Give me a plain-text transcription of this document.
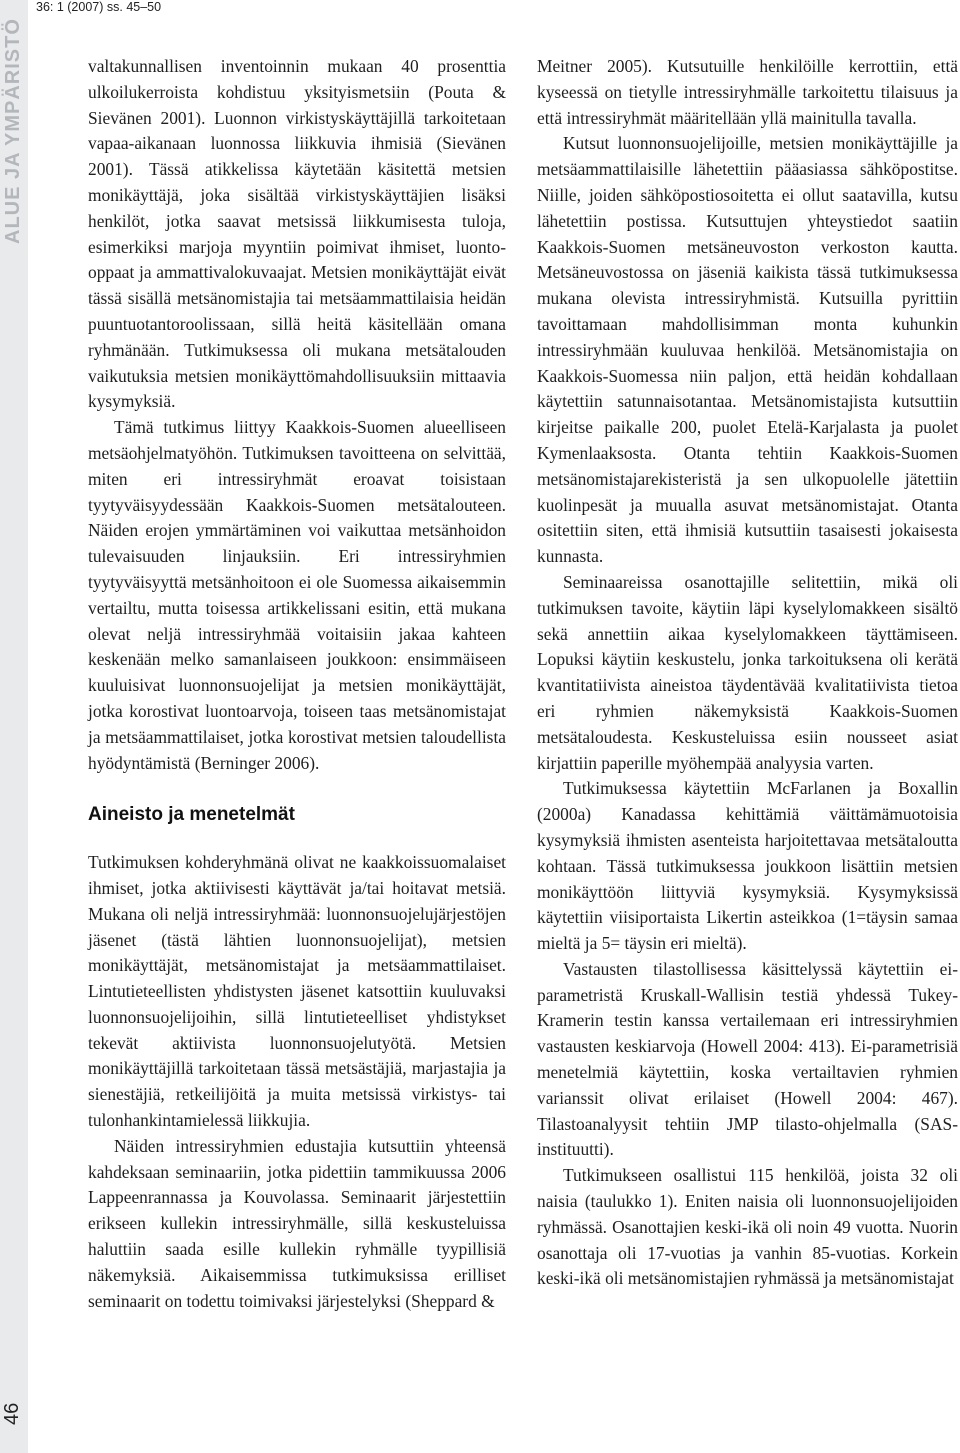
ALUE JA YMPÄRISTÖ
46
36: 1 (2007) ss. 45–50

valtakunnallisen inventoinnin mukaan 40 prosenttia ulkoilukerroista kohdistuu yksityismetsiin (Pouta & Sievänen 2001). Luonnon virkistyskäyttäjillä tarkoitetaan vapaa-aikanaan luonnossa liikkuvia ihmisiä (Sievänen 2001). Tässä atikkelissa käytetään käsitettä metsien monikäyttäjä, joka sisältää virkistyskäyttäjien lisäksi henkilöt, jotka saavat metsissä liikkumisesta tuloja, esimerkiksi marjoja myyntiin poimivat ihmiset, luonto-oppaat ja ammattivalokuvaajat. Metsien monikäyttäjät eivät tässä sisällä metsänomistajia tai metsäammattilaisia heidän puuntuotantoroolissaan, sillä heitä käsitellään omana ryhmänään. Tutkimuksessa oli mukana metsätalouden vaikutuksia metsien monikäyttömahdollisuuksiin mittaavia kysymyksiä.

Tämä tutkimus liittyy Kaakkois-Suomen alueelliseen metsäohjelmatyöhön. Tutkimuksen tavoitteena on selvittää, miten eri intressiryhmät eroavat toisistaan tyytyväisyydessään Kaakkois-Suomen metsätalouteen. Näiden erojen ymmärtäminen voi vaikuttaa metsänhoidon tulevaisuuden linjauksiin. Eri intressiryhmien tyytyväisyyttä metsänhoitoon ei ole Suomessa aikaisemmin vertailtu, mutta toisessa artikkelissani esitin, että mukana olevat neljä intressiryhmää voitaisiin jakaa kahteen keskenään melko samanlaiseen joukkoon: ensimmäiseen kuuluisivat luonnonsuojelijat ja metsien monikäyttäjät, jotka korostivat luontoarvoja, toiseen taas metsänomistajat ja metsäammattilaiset, jotka korostivat metsien taloudellista hyödyntämistä (Berninger 2006).

Aineisto ja menetelmät

Tutkimuksen kohderyhmänä olivat ne kaakkoissuomalaiset ihmiset, jotka aktiivisesti käyttävät ja/tai hoitavat metsiä. Mukana oli neljä intressiryhmää: luonnonsuojelujärjestöjen jäsenet (tästä lähtien luonnonsuojelijat), metsien monikäyttäjät, metsänomistajat ja metsäammattilaiset. Lintutieteellisten yhdistysten jäsenet katsottiin kuuluvaksi luonnonsuojelijoihin, sillä lintutieteelliset yhdistykset tekevät aktiivista luonnonsuojelutyötä. Metsien monikäyttäjillä tarkoitetaan tässä metsästäjiä, marjastajia ja sienestäjiä, retkeilijöitä ja muita metsissä virkistys- tai tulonhankintamielessä liikkujia.

Näiden intressiryhmien edustajia kutsuttiin yhteensä kahdeksaan seminaariin, jotka pidettiin tammikuussa 2006 Lappeenrannassa ja Kouvolassa. Seminaarit järjestettiin erikseen kullekin intressiryhmälle, sillä keskusteluissa haluttiin saada esille kullekin ryhmälle tyypillisiä näkemyksiä. Aikaisemmissa tutkimuksissa erilliset seminaarit on todettu toimivaksi järjestelyksi (Sheppard &

Meitner 2005). Kutsutuille henkilöille kerrottiin, että kyseessä on tietylle intressiryhmälle tarkoitettu tilaisuus ja että intressiryhmät määritellään yllä mainitulla tavalla.

Kutsut luonnonsuojelijoille, metsien monikäyttäjille ja metsäammattilaisille lähetettiin pääasiassa sähköpostitse. Niille, joiden sähköpostiosoitetta ei ollut saatavilla, kutsu lähetettiin postissa. Kutsuttujen yhteystiedot saatiin Kaakkois-Suomen metsäneuvoston verkoston kautta. Metsäneuvostossa on jäseniä kaikista tässä tutkimuksessa mukana olevista intressiryhmistä. Kutsuilla pyrittiin tavoittamaan mahdollisimman monta kuhunkin intressiryhmään kuuluvaa henkilöä. Metsänomistajia on Kaakkois-Suomessa niin paljon, että heidän kohdallaan käytettiin satunnaisotantaa. Metsänomistajista kutsuttiin kirjeitse paikalle 200, puolet Etelä-Karjalasta ja puolet Kymenlaaksosta. Otanta tehtiin Kaakkois-Suomen metsänomistajarekisteristä ja sen ulkopuolelle jätettiin kuolinpesät ja muualla asuvat metsänomistajat. Otanta ositettiin siten, että ihmisiä kutsuttiin tasaisesti jokaisesta kunnasta.

Seminaareissa osanottajille selitettiin, mikä oli tutkimuksen tavoite, käytiin läpi kyselylomakkeen sisältö sekä annettiin aikaa kyselylomakkeen täyttämiseen. Lopuksi käytiin keskustelu, jonka tarkoituksena oli kerätä kvantitatiivista aineistoa täydentävää kvalitatiivista tietoa eri ryhmien näkemyksistä Kaakkois-Suomen metsätaloudesta. Keskusteluissa esiin nousseet asiat kirjattiin paperille myöhempää analyysia varten.

Tutkimuksessa käytettiin McFarlanen ja Boxallin (2000a) Kanadassa kehittämiä väittämämuotoisia kysymyksiä ihmisten asenteista harjoitettavaa metsätaloutta kohtaan. Tässä tutkimuksessa joukkoon lisättiin metsien monikäyttöön liittyviä kysymyksiä. Kysymyksissä käytettiin viisiportaista Likertin asteikkoa (1=täysin samaa mieltä ja 5= täysin eri mieltä).

Vastausten tilastollisessa käsittelyssä käytettiin ei-parametristä Kruskall-Wallisin testiä yhdessä Tukey-Kramerin testin kanssa vertailemaan eri intressiryhmien vastausten keskiarvoja (Howell 2004: 413). Ei-parametrisiä menetelmiä käytettiin, koska vertailtavien ryhmien varianssit olivat erilaiset (Howell 2004: 467). Tilastoanalyysit tehtiin JMP tilasto-ohjelmalla (SAS-instituutti).

Tutkimukseen osallistui 115 henkilöä, joista 32 oli naisia (taulukko 1). Eniten naisia oli luonnonsuojelijoiden ryhmässä. Osanottajien keski-ikä oli noin 49 vuotta. Nuorin osanottaja oli 17-vuotias ja vanhin 85-vuotias. Korkein keski-ikä oli metsänomistajien ryhmässä ja metsänomistajat
